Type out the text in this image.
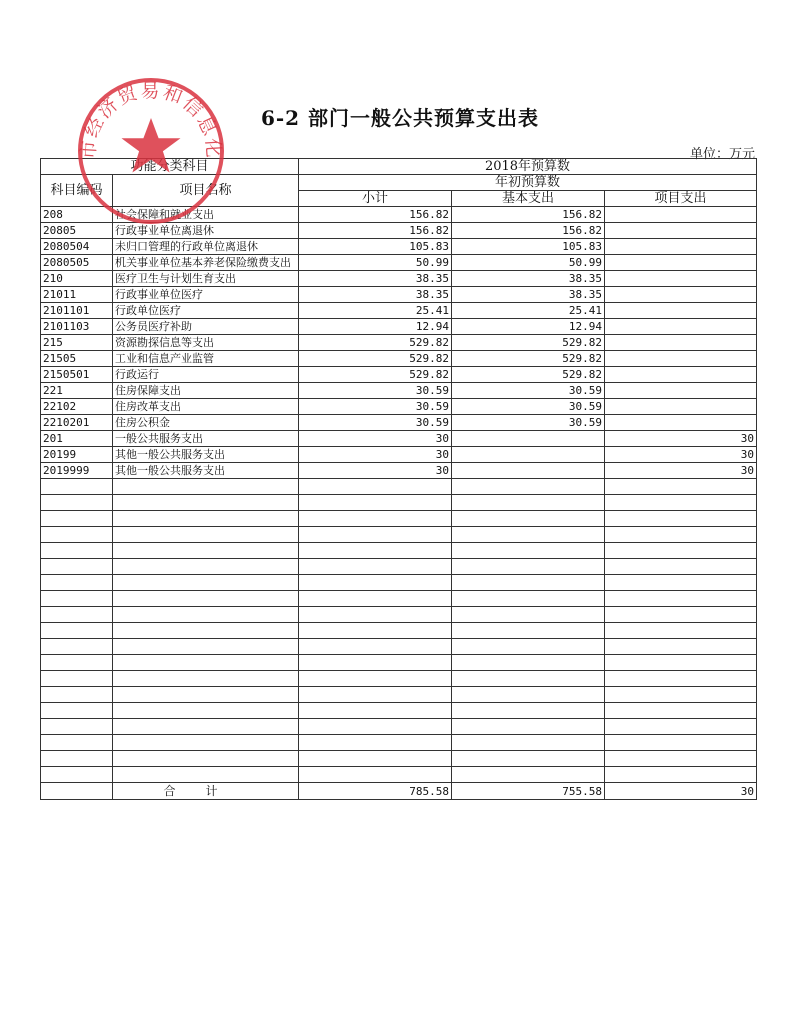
6-2 部门一般公共预算支出表
单位：万元
功能分类科目		2018年预算数		
科目编码	项目名称	年初预算数		
		小计	基本支出	项目支出
208	社会保障和就业支出	156.82	156.82	
20805	行政事业单位离退休	156.82	156.82	
2080504	未归口管理的行政单位离退休	105.83	105.83	
2080505	机关事业单位基本养老保险缴费支出	50.99	50.99	
210	医疗卫生与计划生育支出	38.35	38.35	
21011	行政事业单位医疗	38.35	38.35	
2101101	行政单位医疗	25.41	25.41	
2101103	公务员医疗补助	12.94	12.94	
215	资源勘探信息等支出	529.82	529.82	
21505	工业和信息产业监管	529.82	529.82	
2150501	行政运行	529.82	529.82	
221	住房保障支出	30.59	30.59	
22102	住房改革支出	30.59	30.59	
2210201	住房公积金	30.59	30.59	
201	一般公共服务支出	30		30
20199	其他一般公共服务支出	30		30
2019999	其他一般公共服务支出	30		30

	合计	785.58	755.58	30
市经济贸易和信息化
